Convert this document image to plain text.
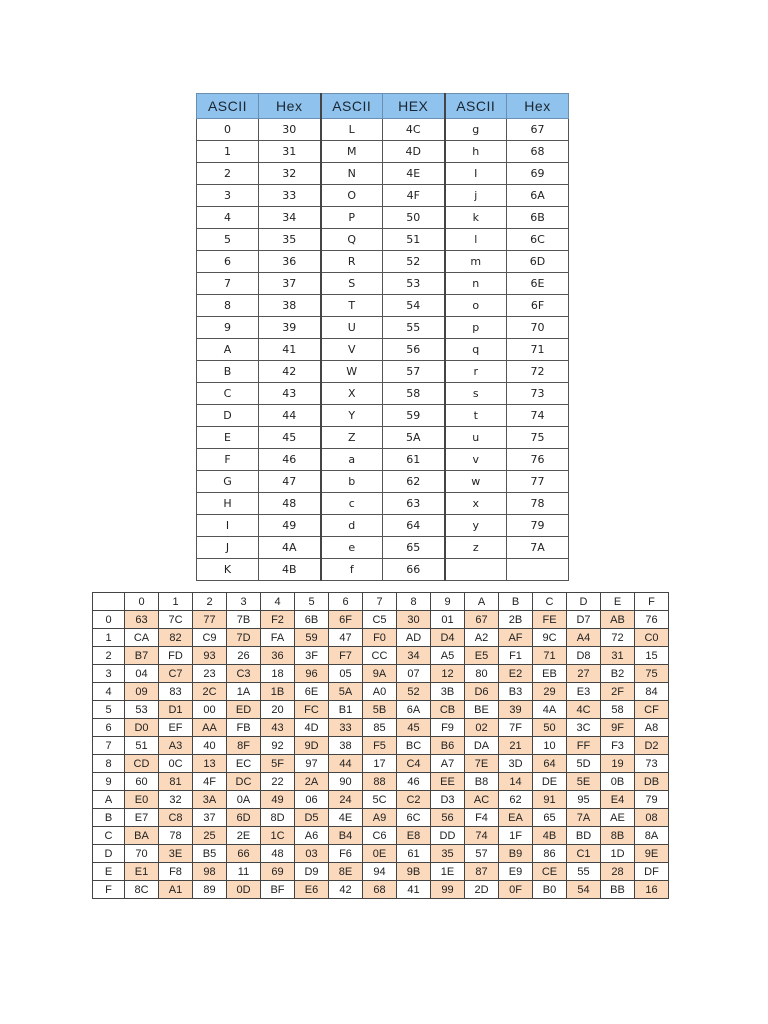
ASCII	Hex	ASCII	HEX	ASCII	Hex
0	30	L	4C	g	67
1	31	M	4D	h	68
2	32	N	4E	I	69
3	33	O	4F	j	6A
4	34	P	50	k	6B
5	35	Q	51	l	6C
6	36	R	52	m	6D
7	37	S	53	n	6E
8	38	T	54	o	6F
9	39	U	55	p	70
A	41	V	56	q	71
B	42	W	57	r	72
C	43	X	58	s	73
D	44	Y	59	t	74
E	45	Z	5A	u	75
F	46	a	61	v	76
G	47	b	62	w	77
H	48	c	63	x	78
I	49	d	64	y	79
J	4A	e	65	z	7A
K	4B	f	66		
	0	1	2	3	4	5	6	7	8	9	A	B	C	D	E	F
0	63	7C	77	7B	F2	6B	6F	C5	30	01	67	2B	FE	D7	AB	76
1	CA	82	C9	7D	FA	59	47	F0	AD	D4	A2	AF	9C	A4	72	C0
2	B7	FD	93	26	36	3F	F7	CC	34	A5	E5	F1	71	D8	31	15
3	04	C7	23	C3	18	96	05	9A	07	12	80	E2	EB	27	B2	75
4	09	83	2C	1A	1B	6E	5A	A0	52	3B	D6	B3	29	E3	2F	84
5	53	D1	00	ED	20	FC	B1	5B	6A	CB	BE	39	4A	4C	58	CF
6	D0	EF	AA	FB	43	4D	33	85	45	F9	02	7F	50	3C	9F	A8
7	51	A3	40	8F	92	9D	38	F5	BC	B6	DA	21	10	FF	F3	D2
8	CD	0C	13	EC	5F	97	44	17	C4	A7	7E	3D	64	5D	19	73
9	60	81	4F	DC	22	2A	90	88	46	EE	B8	14	DE	5E	0B	DB
A	E0	32	3A	0A	49	06	24	5C	C2	D3	AC	62	91	95	E4	79
B	E7	C8	37	6D	8D	D5	4E	A9	6C	56	F4	EA	65	7A	AE	08
C	BA	78	25	2E	1C	A6	B4	C6	E8	DD	74	1F	4B	BD	8B	8A
D	70	3E	B5	66	48	03	F6	0E	61	35	57	B9	86	C1	1D	9E
E	E1	F8	98	11	69	D9	8E	94	9B	1E	87	E9	CE	55	28	DF
F	8C	A1	89	0D	BF	E6	42	68	41	99	2D	0F	B0	54	BB	16
